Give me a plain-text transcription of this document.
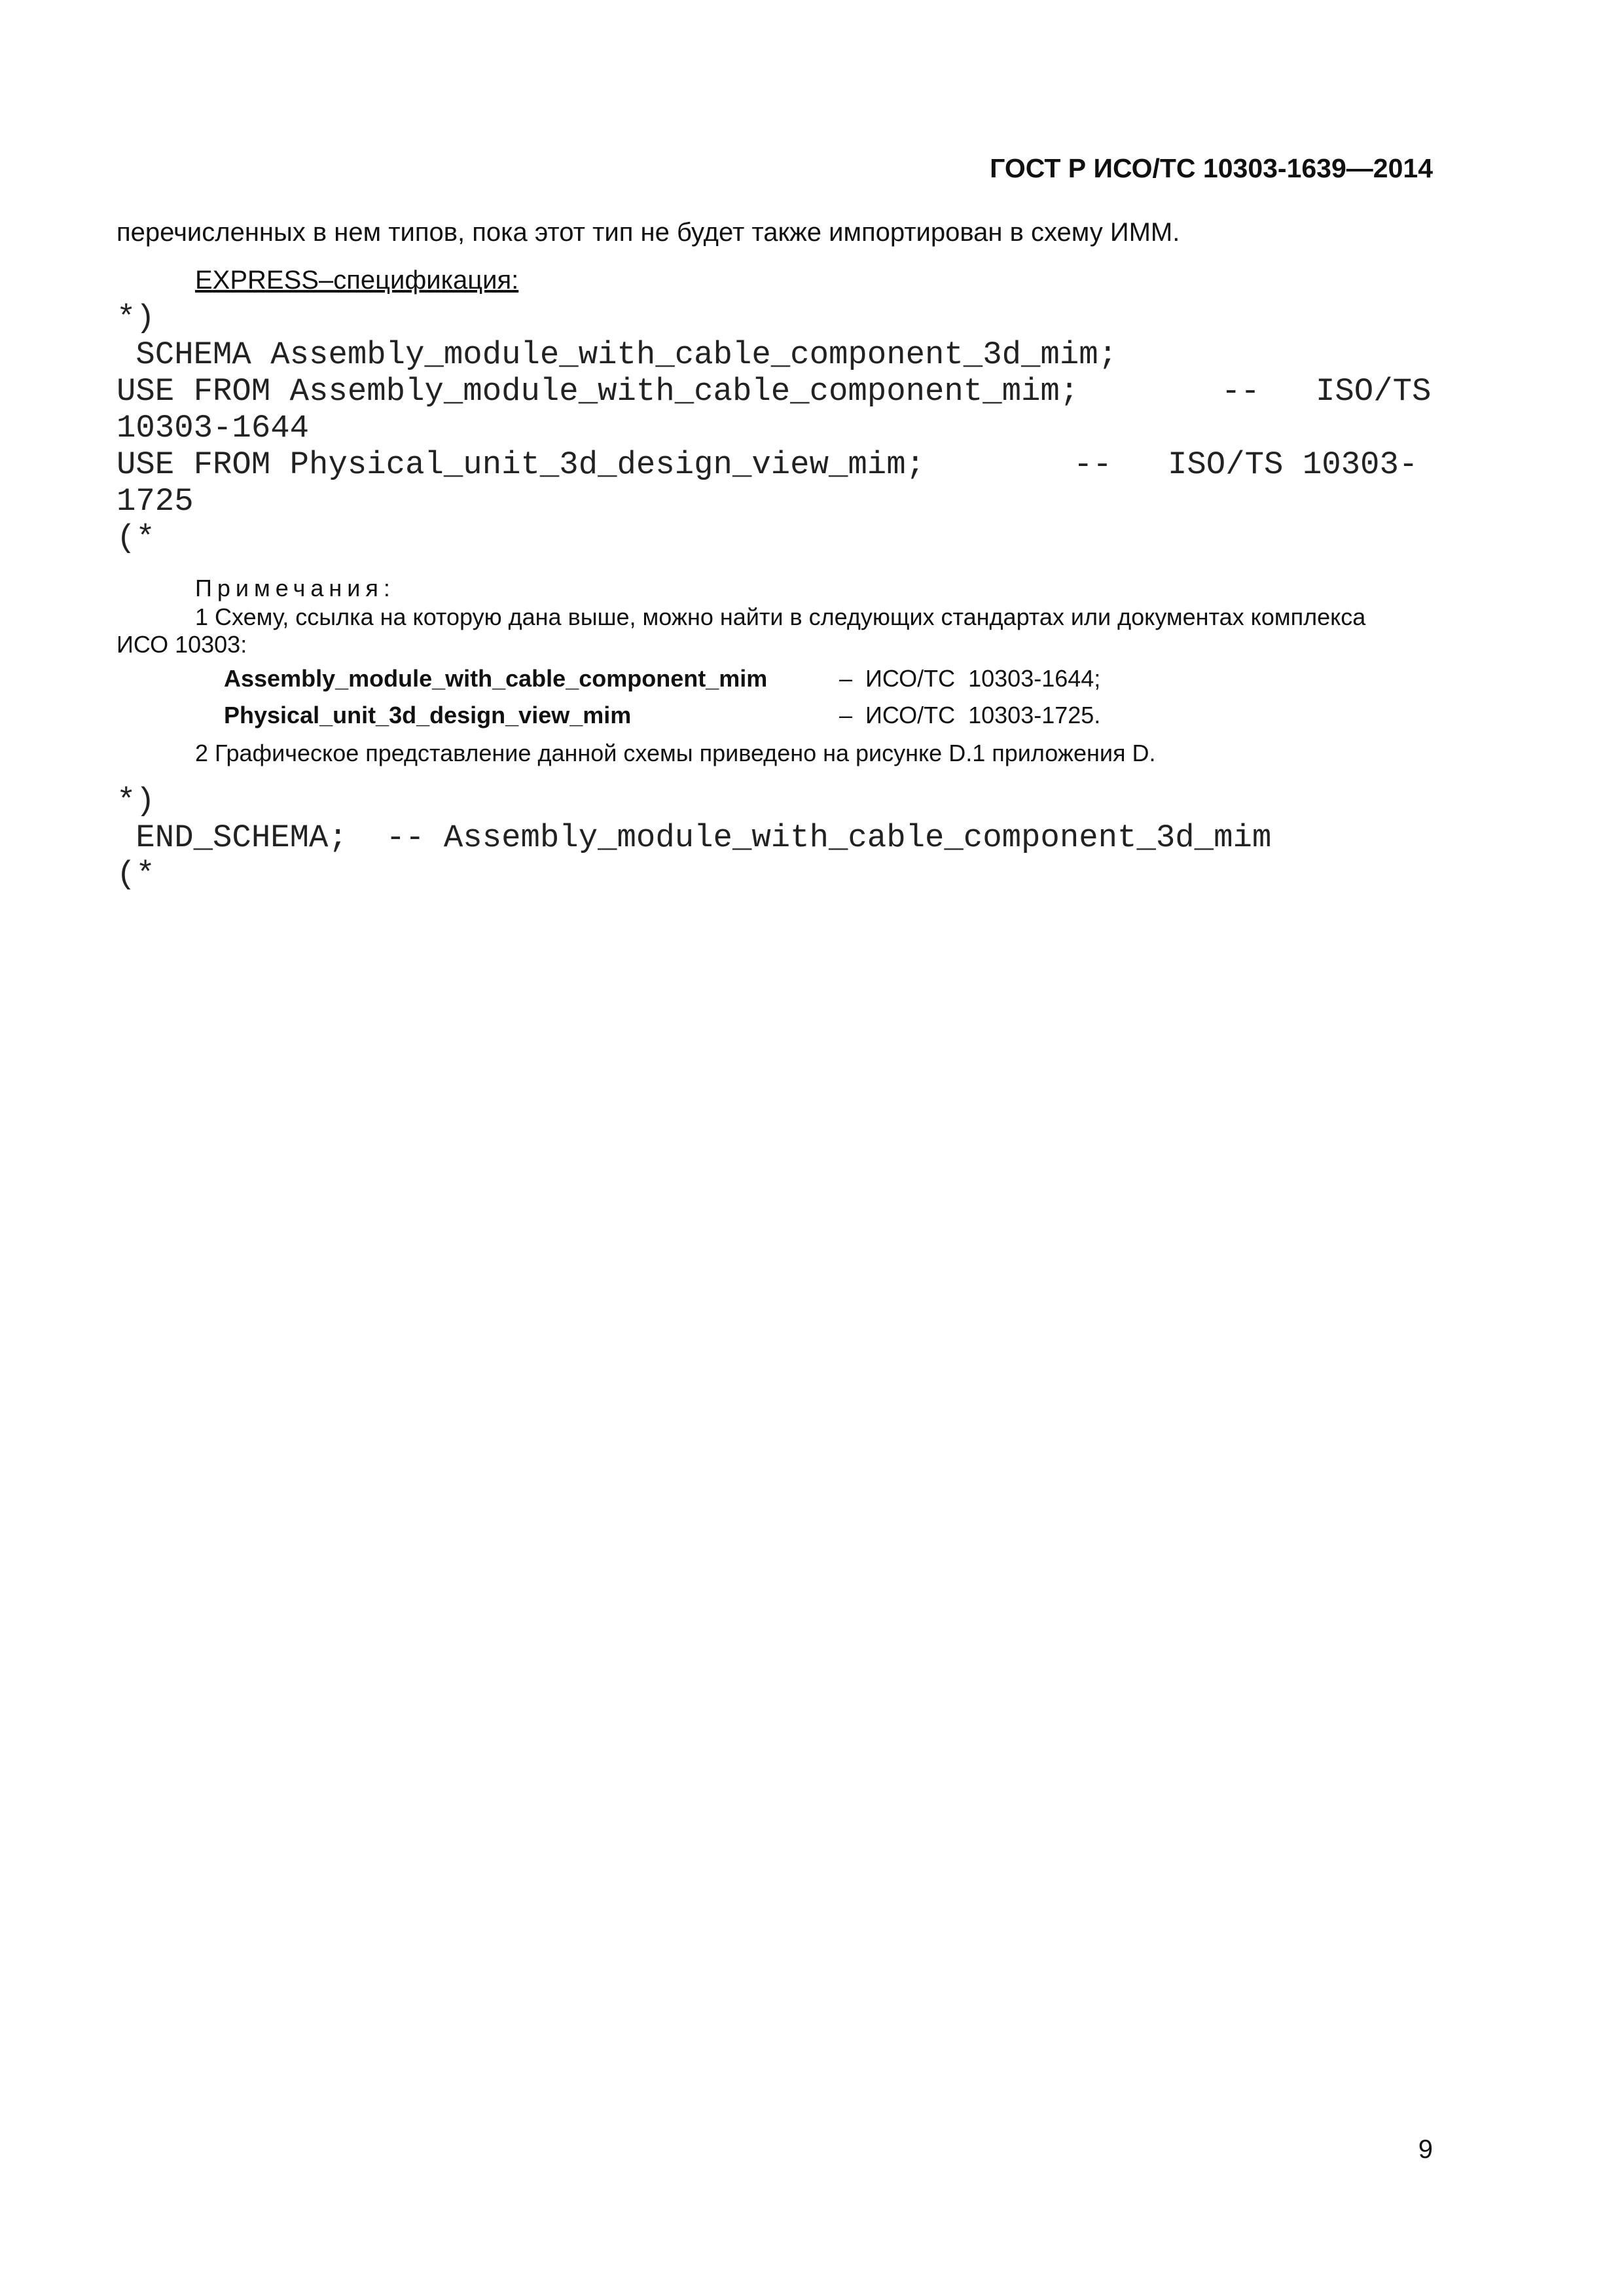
ГОСТ Р ИСО/ТС 10303-1639—2014
перечисленных в нем типов, пока этот тип не будет также импортирован в схему ИММ.
EXPRESS–спецификация:
*)
SCHEMA Assembly_module_with_cable_component_3d_mim;
USE FROM Assembly_module_with_cable_component_mim;	-- ISO/TS
10303-1644
USE FROM Physical_unit_3d_design_view_mim;	-- ISO/TS 10303-
1725
(*
Примечания:
1 Схему, ссылка на которую дана выше, можно найти в следующих стандартах или документах комплекса
ИСО 10303:
Assembly_module_with_cable_component_mim	–  ИСО/ТС  10303-1644;
Physical_unit_3d_design_view_mim	–  ИСО/ТС  10303-1725.
2 Графическое представление данной схемы приведено на рисунке D.1 приложения D.
*)
END_SCHEMA;  -- Assembly_module_with_cable_component_3d_mim
(*
9
